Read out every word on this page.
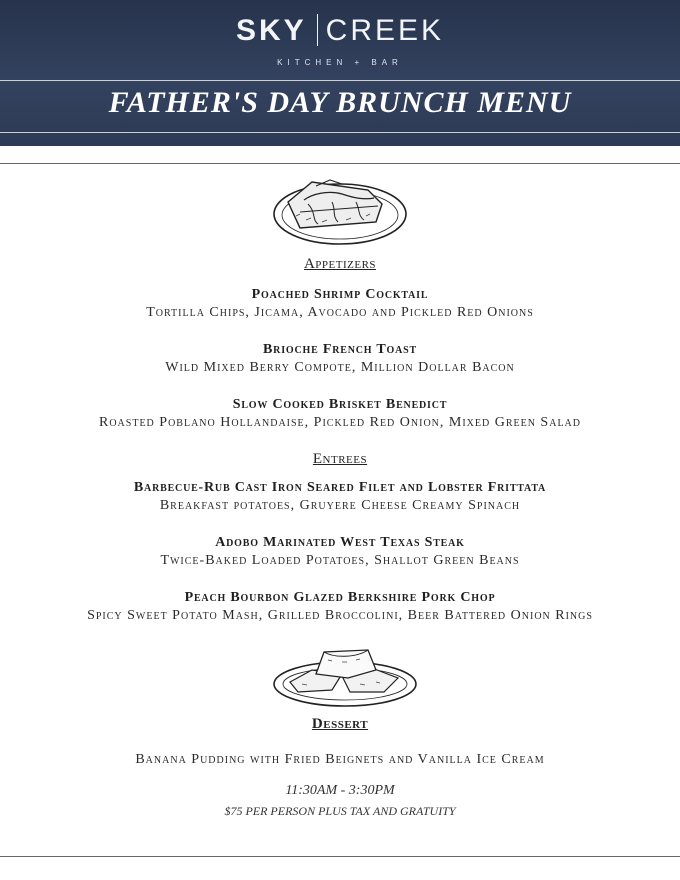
SKY CREEK
KITCHEN + BAR
FATHER'S DAY BRUNCH MENU
Appetizers
Poached Shrimp Cocktail
Tortilla Chips, Jicama, Avocado and Pickled Red Onions
Brioche French Toast
Wild Mixed Berry Compote, Million Dollar Bacon
Slow Cooked Brisket Benedict
Roasted Poblano Hollandaise, Pickled Red Onion, Mixed Green Salad
Entrees
Barbecue-Rub Cast Iron Seared Filet and Lobster Frittata
Breakfast potatoes, Gruyere Cheese Creamy Spinach
Adobo Marinated West Texas Steak
Twice-Baked Loaded Potatoes, Shallot Green Beans
Peach Bourbon Glazed Berkshire Pork Chop
Spicy Sweet Potato Mash, Grilled Broccolini, Beer Battered Onion Rings
Dessert
Banana Pudding with Fried Beignets and Vanilla Ice Cream
11:30AM - 3:30PM
$75 PER PERSON PLUS TAX AND GRATUITY
